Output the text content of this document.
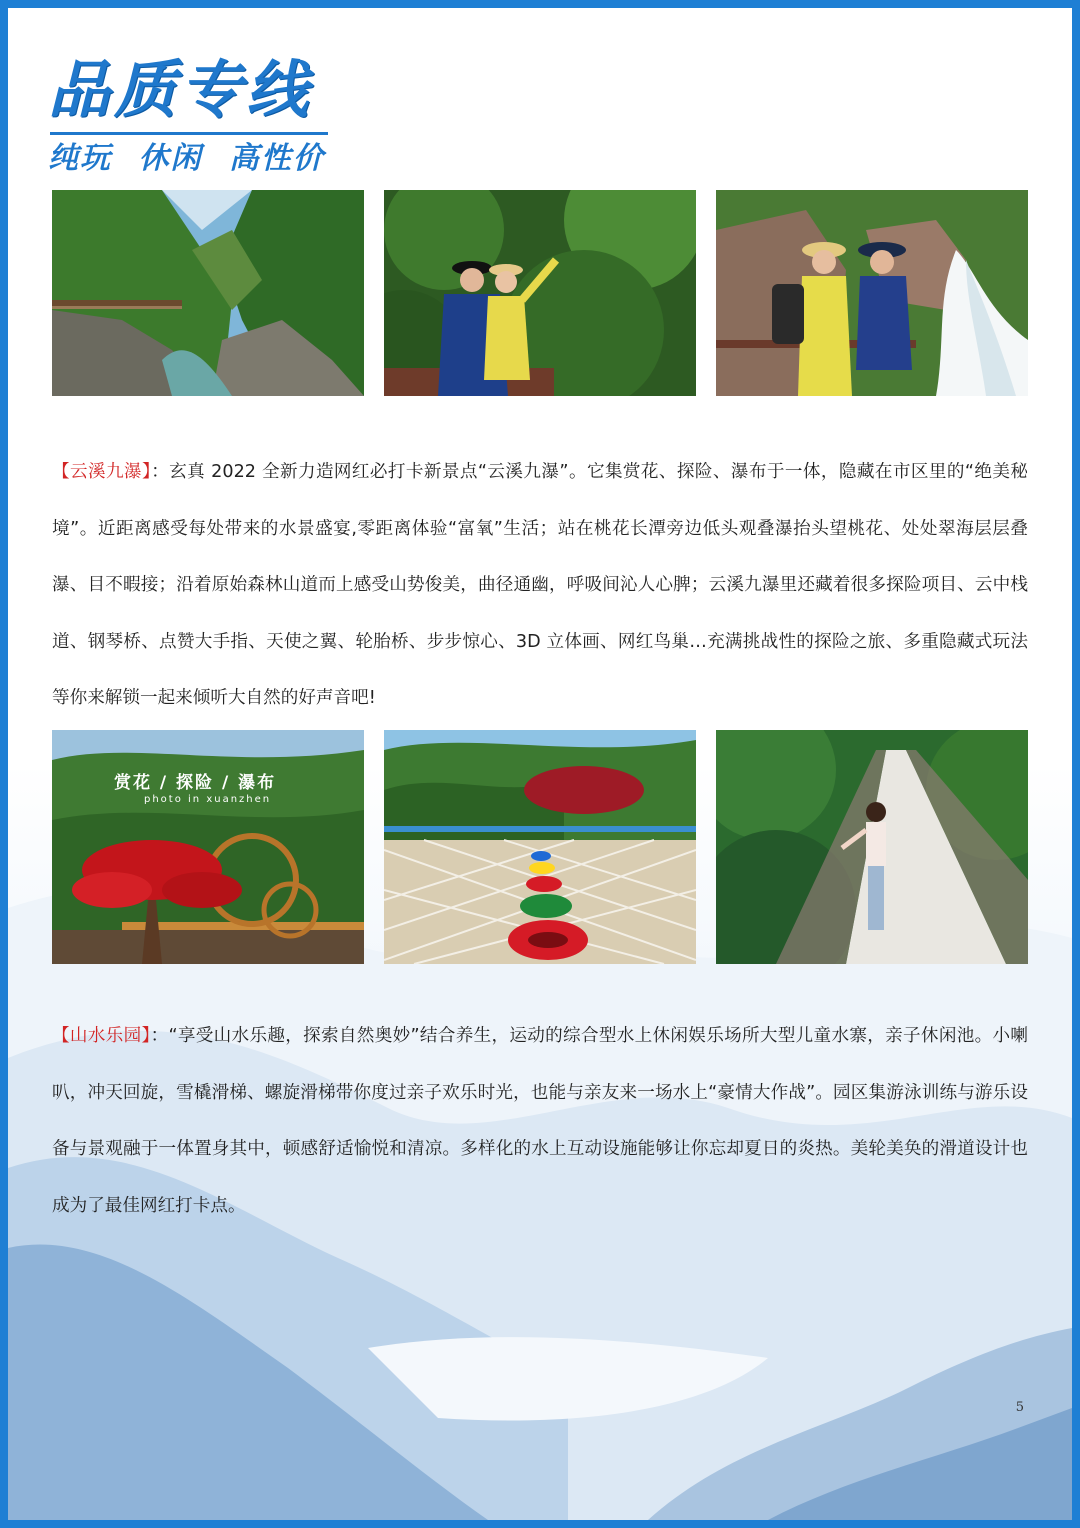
品质专线
纯玩 休闲 高性价
【云溪九瀑】：玄真 2022 全新力造网红必打卡新景点“云溪九瀑”。它集赏花、探险、瀑布于一体，隐藏在市区里的“绝美秘境”。近距离感受每处带来的水景盛宴,零距离体验“富氧”生活；站在桃花长潭旁边低头观叠瀑抬头望桃花、处处翠海层层叠瀑、目不暇接；沿着原始森林山道而上感受山势俊美，曲径通幽，呼吸间沁人心脾；云溪九瀑里还藏着很多探险项目、云中栈道、钢琴桥、点赞大手指、天使之翼、轮胎桥、步步惊心、3D 立体画、网红鸟巢…充满挑战性的探险之旅、多重隐藏式玩法等你来解锁一起来倾听大自然的好声音吧!
赏花 / 探险 / 瀑布
photo in xuanzhen
【山水乐园】：“享受山水乐趣，探索自然奥妙”结合养生，运动的综合型水上休闲娱乐场所大型儿童水寨，亲子休闲池。小喇叭，冲天回旋，雪橇滑梯、螺旋滑梯带你度过亲子欢乐时光，也能与亲友来一场水上“豪情大作战”。园区集游泳训练与游乐设备与景观融于一体置身其中，顿感舒适愉悦和清凉。多样化的水上互动设施能够让你忘却夏日的炎热。美轮美奂的滑道设计也成为了最佳网红打卡点。
5
